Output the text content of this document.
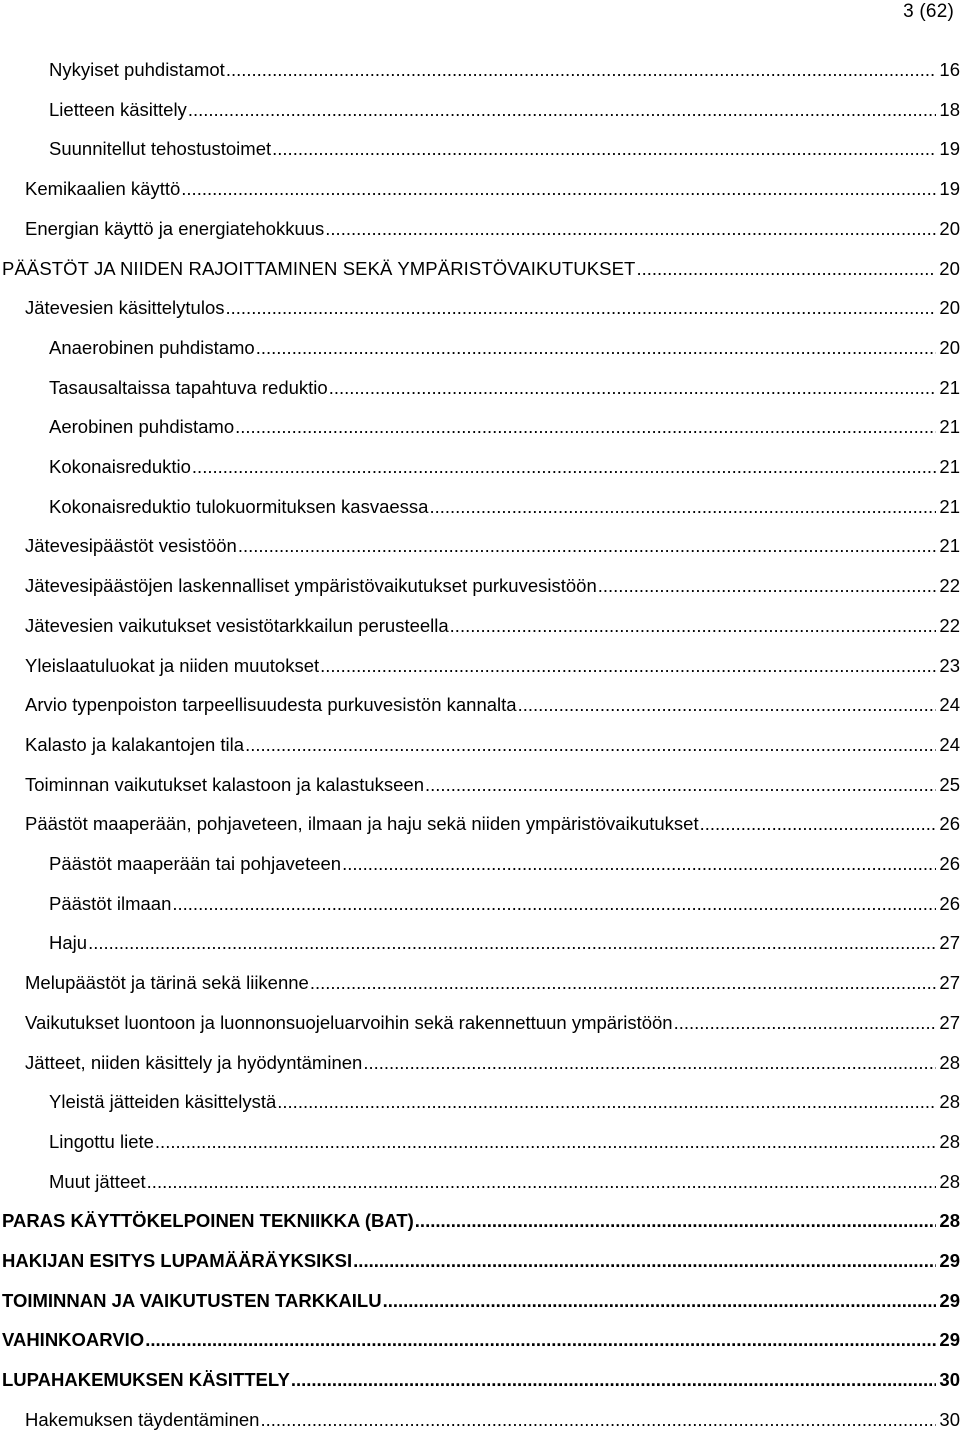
3 (62)
Nykyiset puhdistamot .....	16
Lietteen käsittely .....	18
Suunnitellut tehostustoimet .....	19
Kemikaalien käyttö .....	19
Energian käyttö ja energiatehokkuus .....	20
PÄÄSTÖT JA NIIDEN RAJOITTAMINEN SEKÄ YMPÄRISTÖVAIKUTUKSET .....	20
Jätevesien käsittelytulos .....	20
Anaerobinen puhdistamo .....	20
Tasausaltaissa tapahtuva reduktio .....	21
Aerobinen puhdistamo .....	21
Kokonaisreduktio .....	21
Kokonaisreduktio tulokuormituksen kasvaessa .....	21
Jätevesipäästöt vesistöön .....	21
Jätevesipäästöjen laskennalliset ympäristövaikutukset purkuvesistöön .....	22
Jätevesien vaikutukset vesistötarkkailun perusteella .....	22
Yleislaatuluokat ja niiden muutokset .....	23
Arvio typenpoiston tarpeellisuudesta purkuvesistön kannalta .....	24
Kalasto ja kalakantojen tila .....	24
Toiminnan vaikutukset kalastoon ja kalastukseen .....	25
Päästöt maaperään, pohjaveteen, ilmaan ja haju sekä niiden ympäristövaikutukset .....	26
Päästöt maaperään tai pohjaveteen .....	26
Päästöt ilmaan .....	26
Haju .....	27
Melupäästöt ja tärinä sekä liikenne .....	27
Vaikutukset luontoon ja luonnonsuojeluarvoihin sekä rakennettuun ympäristöön .....	27
Jätteet, niiden käsittely ja hyödyntäminen .....	28
Yleistä jätteiden käsittelystä .....	28
Lingottu liete .....	28
Muut jätteet .....	28
PARAS KÄYTTÖKELPOINEN TEKNIIKKA (BAT) .....	28
HAKIJAN ESITYS LUPAMÄÄRÄYKSIKSI .....	29
TOIMINNAN JA VAIKUTUSTEN TARKKAILU .....	29
VAHINKOARVIO .....	29
LUPAHAKEMUKSEN KÄSITTELY .....	30
Hakemuksen täydentäminen .....	30
